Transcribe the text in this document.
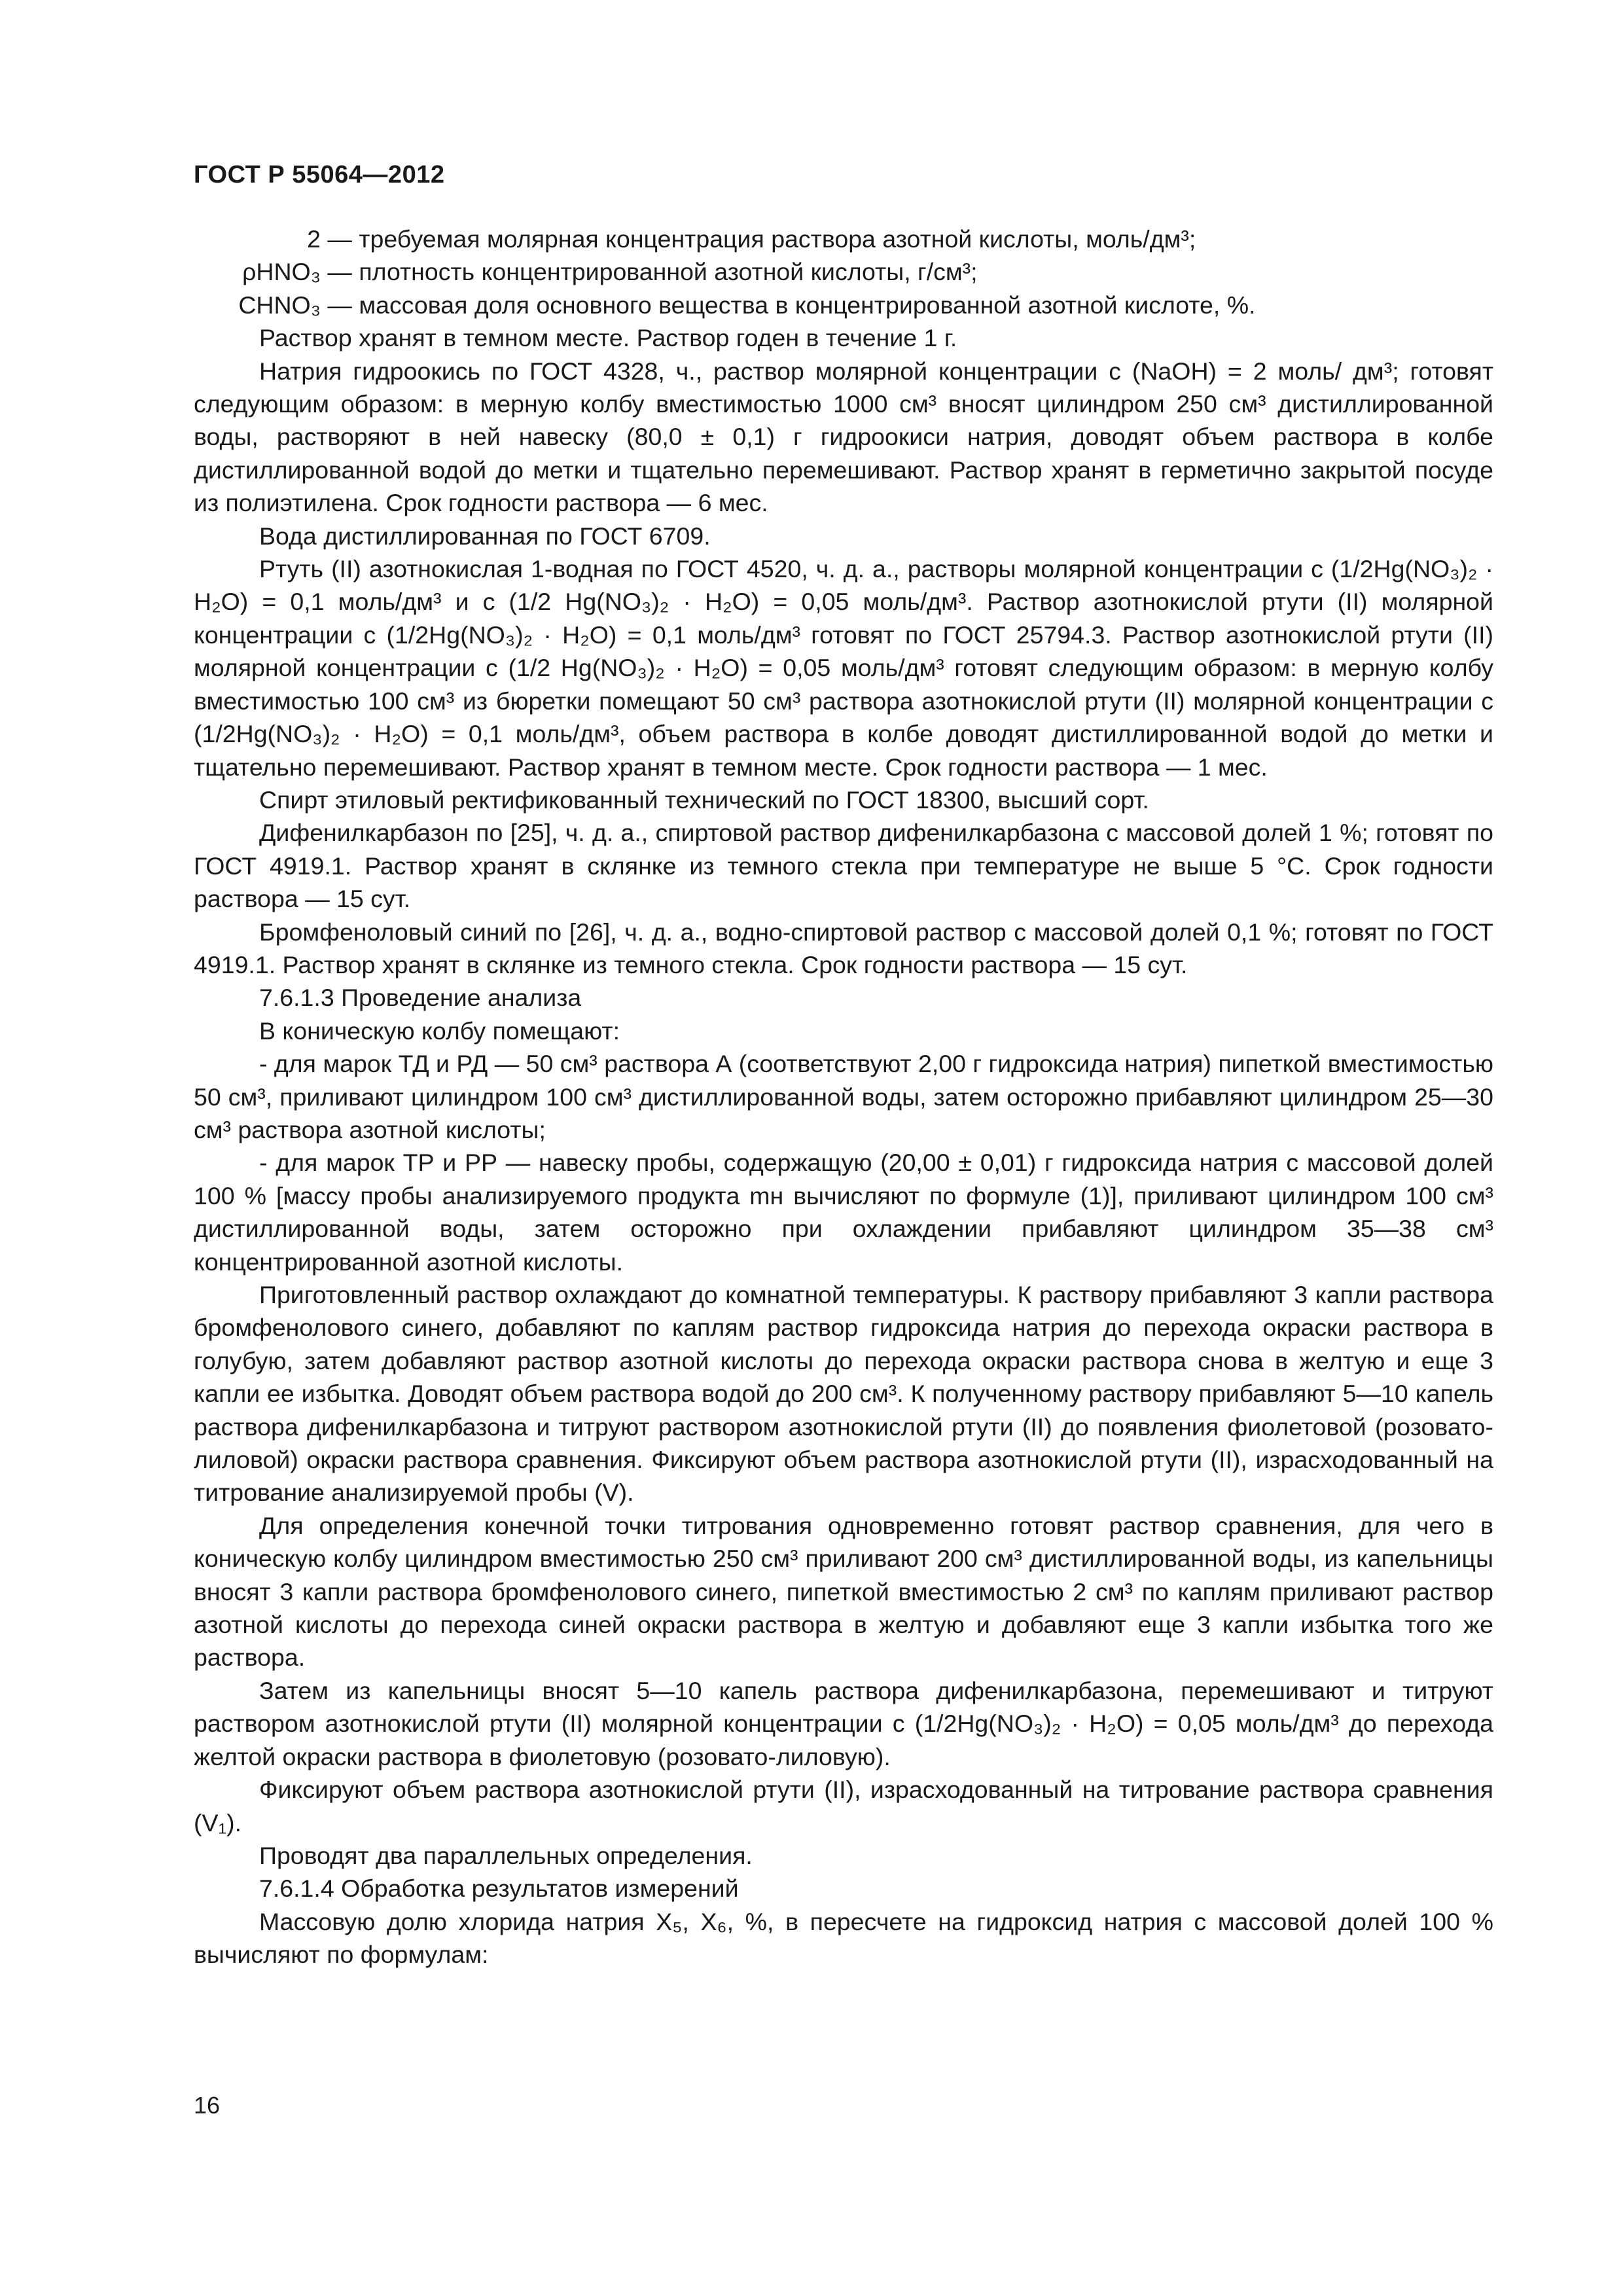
ГОСТ Р 55064—2012
2 — требуемая молярная концентрация раствора азотной кислоты, моль/дм³;
ρHNO₃ — плотность концентрированной азотной кислоты, г/см³;
CHNO₃ — массовая доля основного вещества в концентрированной азотной кислоте, %.

Раствор хранят в темном месте. Раствор годен в течение 1 г.

Натрия гидроокись по ГОСТ 4328, ч., раствор молярной концентрации c (NaOH) = 2 моль/ дм³; готовят следующим образом: в мерную колбу вместимостью 1000 см³ вносят цилиндром 250 см³ дистиллированной воды, растворяют в ней навеску (80,0 ± 0,1) г гидроокиси натрия, доводят объем раствора в колбе дистиллированной водой до метки и тщательно перемешивают. Раствор хранят в герметично закрытой посуде из полиэтилена. Срок годности раствора — 6 мес.

Вода дистиллированная по ГОСТ 6709.

Ртуть (II) азотнокислая 1-водная по ГОСТ 4520, ч. д. а., растворы молярной концентрации c (1/2Hg(NO₃)₂ · H₂O) = 0,1 моль/дм³ и c (1/2 Hg(NO₃)₂ · H₂O) = 0,05 моль/дм³. Раствор азотнокислой ртути (II) молярной концентрации c (1/2Hg(NO₃)₂ · H₂O) = 0,1 моль/дм³ готовят по ГОСТ 25794.3. Раствор азотнокислой ртути (II) молярной концентрации c (1/2 Hg(NO₃)₂ · H₂O) = 0,05 моль/дм³ готовят следующим образом: в мерную колбу вместимостью 100 см³ из бюретки помещают 50 см³ раствора азотнокислой ртути (II) молярной концентрации c (1/2Hg(NO₃)₂ · H₂O) = 0,1 моль/дм³, объем раствора в колбе доводят дистиллированной водой до метки и тщательно перемешивают. Раствор хранят в темном месте. Срок годности раствора — 1 мес.

Спирт этиловый ректификованный технический по ГОСТ 18300, высший сорт.

Дифенилкарбазон по [25], ч. д. а., спиртовой раствор дифенилкарбазона с массовой долей 1 %; готовят по ГОСТ 4919.1. Раствор хранят в склянке из темного стекла при температуре не выше 5 °С. Срок годности раствора — 15 сут.

Бромфеноловый синий по [26], ч. д. а., водно-спиртовой раствор с массовой долей 0,1 %; готовят по ГОСТ 4919.1. Раствор хранят в склянке из темного стекла. Срок годности раствора — 15 сут.

7.6.1.3 Проведение анализа

В коническую колбу помещают:

- для марок ТД и РД — 50 см³ раствора А (соответствуют 2,00 г гидроксида натрия) пипеткой вместимостью 50 см³, приливают цилиндром 100 см³ дистиллированной воды, затем осторожно прибавляют цилиндром 25—30 см³ раствора азотной кислоты;

- для марок ТР и РР — навеску пробы, содержащую (20,00 ± 0,01) г гидроксида натрия с массовой долей 100 % [массу пробы анализируемого продукта mн вычисляют по формуле (1)], приливают цилиндром 100 см³ дистиллированной воды, затем осторожно при охлаждении прибавляют цилиндром 35—38 см³ концентрированной азотной кислоты.

Приготовленный раствор охлаждают до комнатной температуры. К раствору прибавляют 3 капли раствора бромфенолового синего, добавляют по каплям раствор гидроксида натрия до перехода окраски раствора в голубую, затем добавляют раствор азотной кислоты до перехода окраски раствора снова в желтую и еще 3 капли ее избытка. Доводят объем раствора водой до 200 см³. К полученному раствору прибавляют 5—10 капель раствора дифенилкарбазона и титруют раствором азотнокислой ртути (II) до появления фиолетовой (розовато-лиловой) окраски раствора сравнения. Фиксируют объем раствора азотнокислой ртути (II), израсходованный на титрование анализируемой пробы (V).

Для определения конечной точки титрования одновременно готовят раствор сравнения, для чего в коническую колбу цилиндром вместимостью 250 см³ приливают 200 см³ дистиллированной воды, из капельницы вносят 3 капли раствора бромфенолового синего, пипеткой вместимостью 2 см³ по каплям приливают раствор азотной кислоты до перехода синей окраски раствора в желтую и добавляют еще 3 капли избытка того же раствора.

Затем из капельницы вносят 5—10 капель раствора дифенилкарбазона, перемешивают и титруют раствором азотнокислой ртути (II) молярной концентрации c (1/2Hg(NO₃)₂ · H₂O) = 0,05 моль/дм³ до перехода желтой окраски раствора в фиолетовую (розовато-лиловую).

Фиксируют объем раствора азотнокислой ртути (II), израсходованный на титрование раствора сравнения (V₁).

Проводят два параллельных определения.

7.6.1.4 Обработка результатов измерений

Массовую долю хлорида натрия X₅, X₆, %, в пересчете на гидроксид натрия с массовой долей 100 % вычисляют по формулам:

16
